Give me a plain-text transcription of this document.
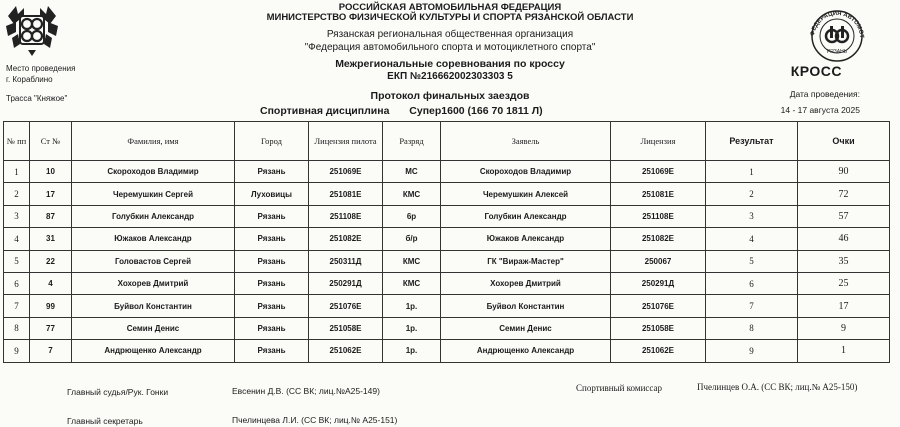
ФЕДЕРАЦИЯ АВТОМОТ
РЯЗАНЬ
РОССИЙСКАЯ АВТОМОБИЛЬНАЯ ФЕДЕРАЦИЯ
МИНИСТЕРСТВО ФИЗИЧЕСКОЙ КУЛЬТУРЫ И СПОРТА РЯЗАНСКОЙ ОБЛАСТИ
Рязанская региональная общественная организация
"Федерация автомобильного спорта и мотоциклетного спорта"
Межрегиональные соревнования по кроссу
ЕКП №216662002303303 5
Протокол финальных заездов
Спортивная дисциплина Супер1600 (166 70 1811 Л)
Место проведения
г. Кораблино
Трасса "Княжое"
КРОСС
Дата проведения:
14 - 17 августа 2025
№ пп	Ст №	Фамилия, имя	Город	Лицензия пилота	Разряд	Заявель	Лицензия	Результат	Очки
1	10	Скороходов Владимир	Рязань	251069E	МС	Скороходов Владимир	251069E	1	90
2	17	Черемушкин Сергей	Луховицы	251081E	КМС	Черемушкин Алексей	251081E	2	72
3	87	Голубкин Александр	Рязань	251108E	6р	Голубкин Александр	251108E	3	57
4	31	Южаков Александр	Рязань	251082E	б/р	Южаков Александр	251082E	4	46
5	22	Головастов Сергей	Рязань	250311Д	КМС	ГК "Вираж-Мастер"	250067	5	35
6	4	Хохорев Дмитрий	Рязань	250291Д	КМС	Хохорев Дмитрий	250291Д	6	25
7	99	Буйвол Константин	Рязань	251076E	1р.	Буйвол Константин	251076E	7	17
8	77	Семин Денис	Рязань	251058E	1р.	Семин Денис	251058E	8	9
9	7	Андрющенко Александр	Рязань	251062E	1р.	Андрющенко Александр	251062E	9	1
Главный судья/Рук. Гонки	Евсенин Д.В. (СС ВК; лиц.№А25-149)	Спортивный комиссар	Пчелинцев О.А. (СС ВК; лиц.№ А25-150)
Главный секретарь	Пчелинцева Л.И. (СС ВК; лиц.№ А25-151)
